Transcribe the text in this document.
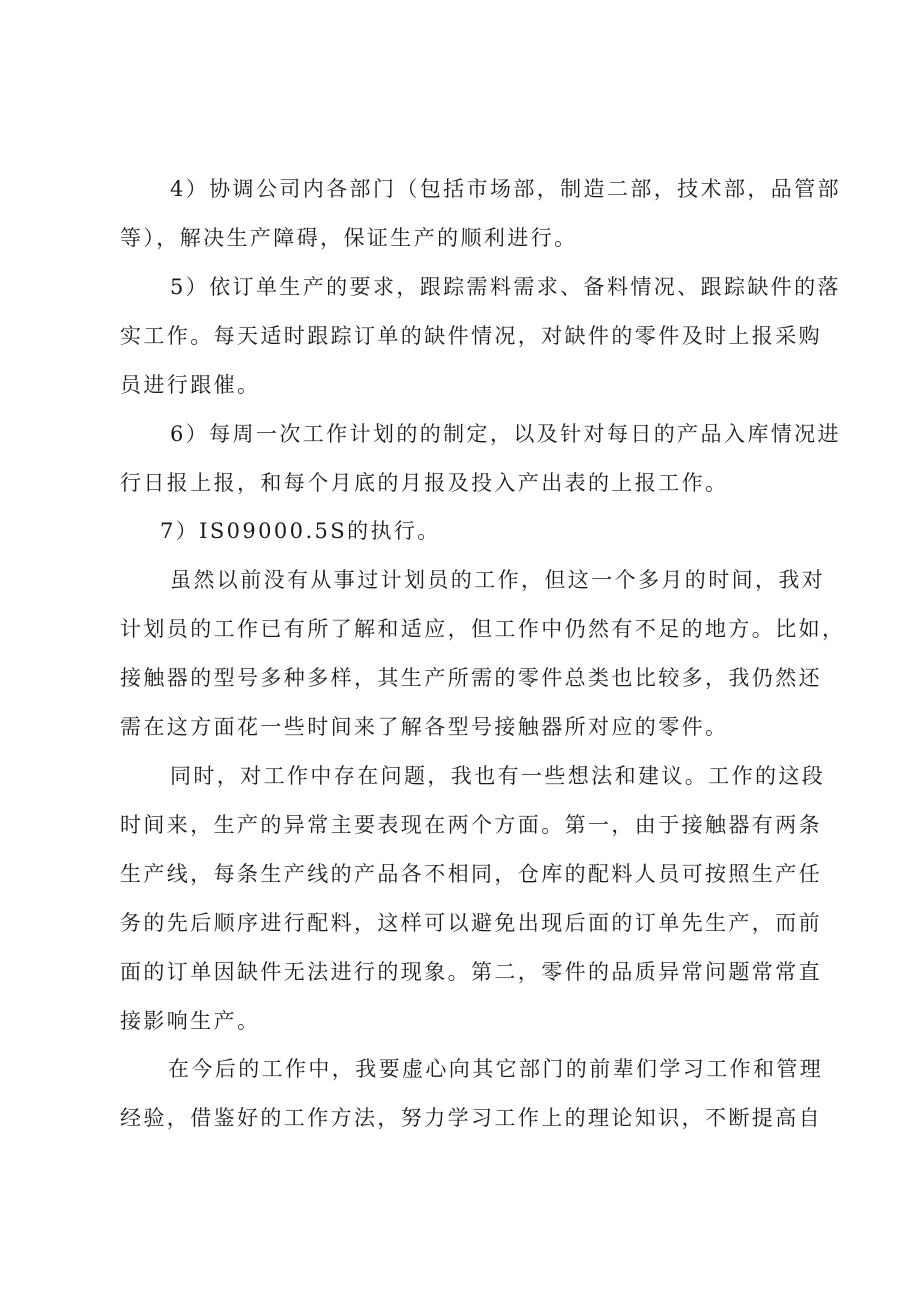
4）协调公司内各部门（包括市场部，制造二部，技术部，品管部
等），解决生产障碍，保证生产的顺利进行。
5）依订单生产的要求，跟踪需料需求、备料情况、跟踪缺件的落
实工作。每天适时跟踪订单的缺件情况，对缺件的零件及时上报采购
员进行跟催。
6）每周一次工作计划的的制定，以及针对每日的产品入库情况进
行日报上报，和每个月底的月报及投入产出表的上报工作。
7）IS09000.5S的执行。
虽然以前没有从事过计划员的工作，但这一个多月的时间，我对
计划员的工作已有所了解和适应，但工作中仍然有不足的地方。比如，
接触器的型号多种多样，其生产所需的零件总类也比较多，我仍然还
需在这方面花一些时间来了解各型号接触器所对应的零件。
同时，对工作中存在问题，我也有一些想法和建议。工作的这段
时间来，生产的异常主要表现在两个方面。第一，由于接触器有两条
生产线，每条生产线的产品各不相同，仓库的配料人员可按照生产任
务的先后顺序进行配料，这样可以避免出现后面的订单先生产，而前
面的订单因缺件无法进行的现象。第二，零件的品质异常问题常常直
接影响生产。
在今后的工作中，我要虚心向其它部门的前辈们学习工作和管理
经验，借鉴好的工作方法，努力学习工作上的理论知识，不断提高自
